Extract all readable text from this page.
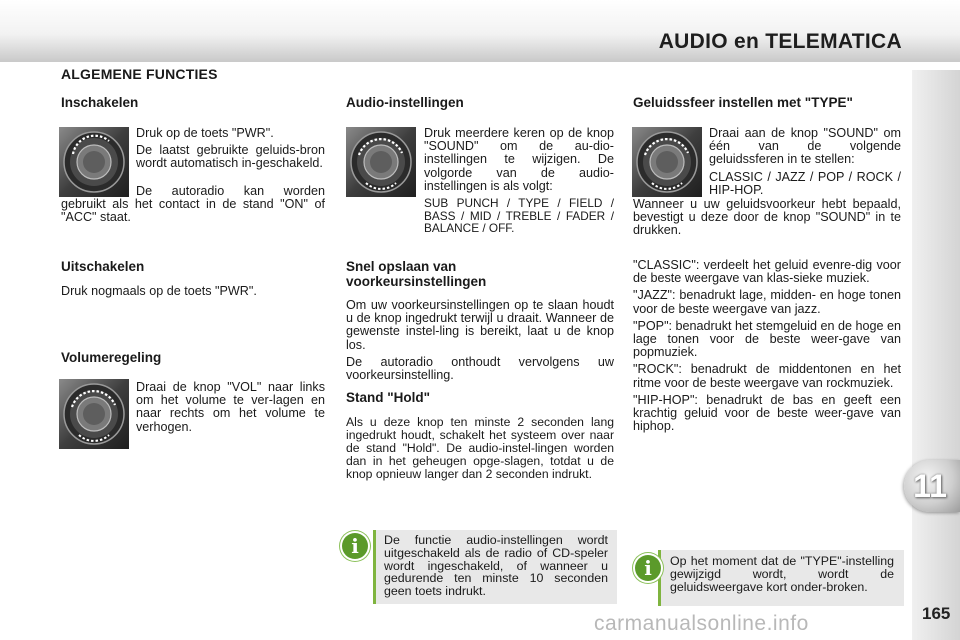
AUDIO en TELEMATICA
11
ALGEMENE FUNCTIES
Inschakelen

Druk op de toets "PWR".

De laatst gebruikte geluids-bron wordt automatisch in-geschakeld.

De autoradio kan worden gebruikt als het contact in de stand "ON" of "ACC" staat.
Uitschakelen
Druk nogmaals op de toets "PWR".
Volumeregeling
Draai de knop "VOL" naar links om het volume te ver-lagen en naar rechts om het volume te verhogen.
Audio-instellingen

Druk meerdere keren op de knop "SOUND" om de au-dio-instellingen te wijzigen. De volgorde van de audio-instellingen is als volgt:

SUB PUNCH / TYPE / FIELD / BASS / MID / TREBLE / FADER / BALANCE / OFF.

Snel opslaan van voorkeursinstellingen

Om uw voorkeursinstellingen op te slaan houdt u de knop ingedrukt terwijl u draait. Wanneer de gewenste instel-ling is bereikt, laat u de knop los.

De autoradio onthoudt vervolgens uw voorkeursinstelling.

Stand "Hold"
Als u deze knop ten minste 2 seconden lang ingedrukt houdt, schakelt het systeem over naar de stand "Hold". De audio-instel-lingen worden dan in het geheugen opge-slagen, totdat u de knop opnieuw langer dan 2 seconden indrukt.
i	De functie audio-instellingen wordt uitgeschakeld als de radio of CD-speler wordt ingeschakeld, of wanneer u gedurende ten minste 10 seconden geen toets indrukt.
Geluidssfeer instellen met "TYPE"

Draai aan de knop "SOUND" om één van de volgende geluidssferen in te stellen:

CLASSIC / JAZZ / POP / ROCK / HIP-HOP.

Wanneer u uw geluidsvoorkeur hebt bepaald, bevestigt u deze door de knop "SOUND" in te drukken.

"CLASSIC": verdeelt het geluid evenre-dig voor de beste weergave van klas-sieke muziek.

"JAZZ": benadrukt lage, midden- en hoge tonen voor de beste weergave van jazz.

"POP": benadrukt het stemgeluid en de hoge en lage tonen voor de beste weer-gave van popmuziek.

"ROCK": benadrukt de middentonen en het ritme voor de beste weergave van rockmuziek.

"HIP-HOP": benadrukt de bas en geeft een krachtig geluid voor de beste weer-gave van hiphop.

i	Op het moment dat de "TYPE"-instelling gewijzigd wordt, wordt de geluidsweergave kort onder-broken.
carmanualsonline.info	165
